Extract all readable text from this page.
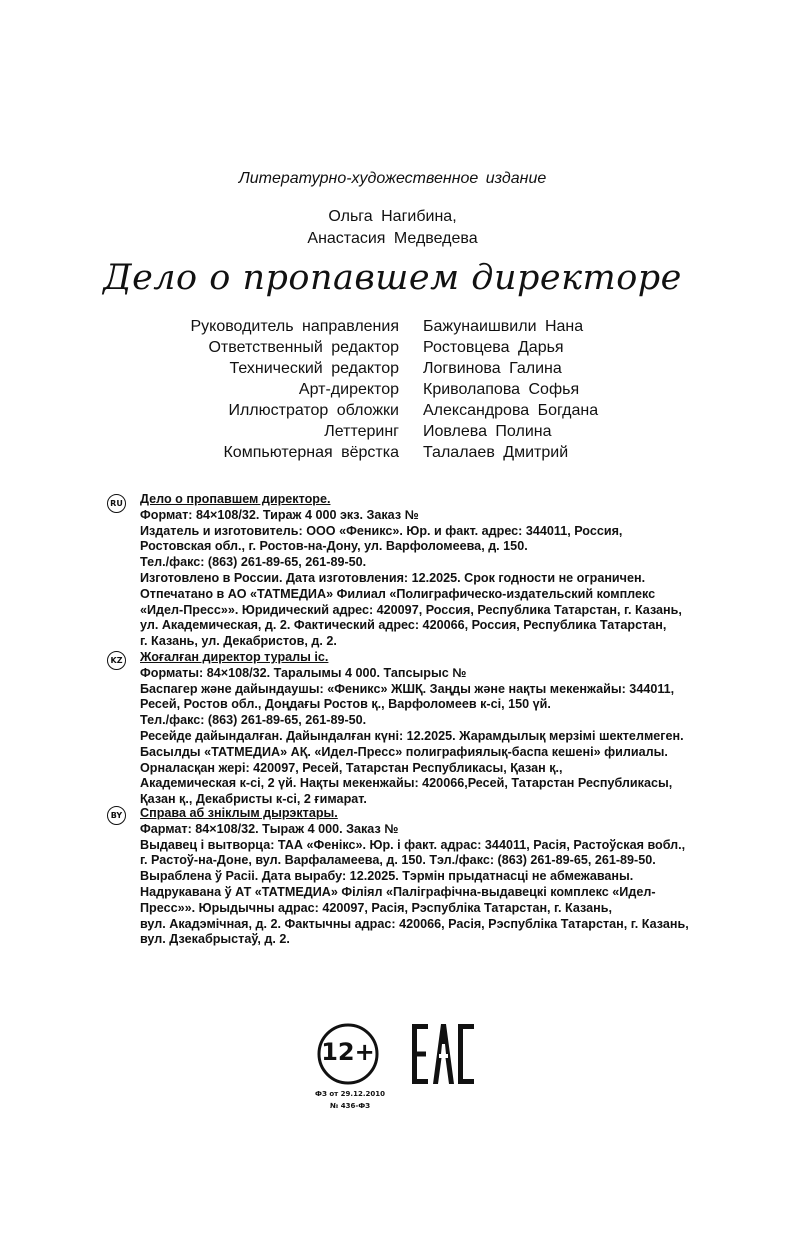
Литературно-художественное издание
Ольга Нагибина,
Анастасия Медведева
Дело о пропавшем директоре
Руководитель направления Бажунаишвили Нана
Ответственный редактор Ростовцева Дарья
Технический редактор Логвинова Галина
Арт-директор Криволапова Софья
Иллюстратор обложки Александрова Богдана
Леттеринг Иовлева Полина
Компьютерная вёрстка Талалаев Дмитрий
RU Дело о пропавшем директоре.

Формат: 84×108/32. Тираж 4 000 экз. Заказ №

Издатель и изготовитель: ООО «Феникс». Юр. и факт. адрес: 344011, Россия,

Ростовская обл., г. Ростов-на-Дону, ул. Варфоломеева, д. 150.

Тел./факс: (863) 261-89-65, 261-89-50.

Изготовлено в России. Дата изготовления: 12.2025. Срок годности не ограничен.

Отпечатано в АО «ТАТМЕДИА» Филиал «Полиграфическо-издательский комплекс

«Идел-Пресс»». Юридический адрес: 420097, Россия, Республика Татарстан, г. Казань,

ул. Академическая, д. 2. Фактический адрес: 420066, Россия, Республика Татарстан,

г. Казань, ул. Декабристов, д. 2.

KZ Жоғалған директор туралы іс.

Форматы: 84×108/32. Таралымы 4 000. Тапсырыс №

Баспагер және дайындаушы: «Феникс» ЖШҚ. Заңды және нақты мекенжайы: 344011,

Ресей, Ростов обл., Доңдағы Ростов қ., Варфоломеев к-сі, 150 үй.

Тел./факс: (863) 261-89-65, 261-89-50.

Ресейде дайындалған. Дайындалған күні: 12.2025. Жарамдылық мерзімі шектелмеген.

Басылды «ТАТМЕДИА» АҚ. «Идел-Пресс» полиграфиялық-баспа кешені» филиалы.

Орналасқан жері: 420097, Ресей, Татарстан Республикасы, Қазан қ.,

Академическая к-сі, 2 үй. Нақты мекенжайы: 420066,Ресей, Татарстан Республикасы,

Қазан қ., Декабристы к-сі, 2 ғимарат.

BY	Справа аб зніклым дырэктары.

Фармат: 84×108/32. Тыраж 4 000. Заказ №

Выдавец і вытворца: ТАА «Фенікс». Юр. і факт. адрас: 344011, Расія, Растоўская вобл.,

г. Растоў-на-Доне, вул. Варфаламеева, д. 150. Тэл./факс: (863) 261-89-65, 261-89-50.

Выраблена ў Расіі. Дата вырабу: 12.2025. Тэрмін прыдатнасці не абмежаваны.

Надрукавана ў АТ «ТАТМЕДИА» Філіял «Паліграфічна-выдавецкі комплекс «Идел-

Пресс»». Юрыдычны адрас: 420097, Расія, Рэспубліка Татарстан, г. Казань,

вул. Акадэмічная, д. 2. Фактычны адрас: 420066, Расія, Рэспубліка Татарстан, г. Казань,

вул. Дзекабрыстаў, д. 2.

12+
ФЗ от 29.12.2010
№ 436-ФЗ
